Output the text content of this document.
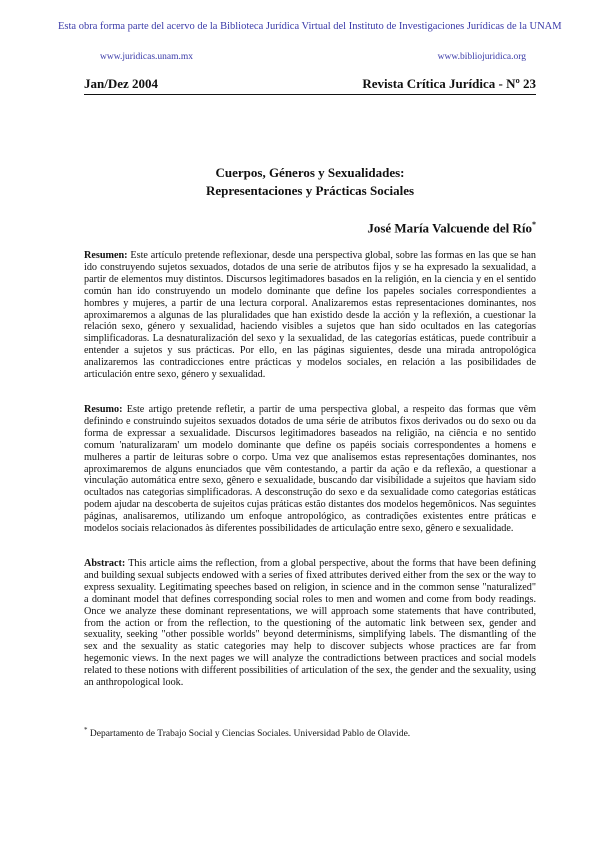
Esta obra forma parte del acervo de la Biblioteca Jurídica Virtual del Instituto de Investigaciones Jurídicas de la UNAM
www.juridicas.unam.mx	www.bibliojuridica.org
Jan/Dez 2004	Revista Crítica Jurídica - Nº 23
Cuerpos, Géneros y Sexualidades:
Representaciones y Prácticas Sociales
José María Valcuende del Río*
Resumen: Este artículo pretende reflexionar, desde una perspectiva global, sobre las formas en las que se han ido construyendo sujetos sexuados, dotados de una serie de atributos fijos y se ha expresado la sexualidad, a partir de elementos muy distintos. Discursos legitimadores basados en la religión, en la ciencia y en el sentido común han ido construyendo un modelo dominante que define los papeles sociales correspondientes a hombres y mujeres, a partir de una lectura corporal. Analizaremos estas representaciones dominantes, nos aproximaremos a algunas de las pluralidades que han existido desde la acción y la reflexión, a cuestionar la relación sexo, género y sexualidad, haciendo visibles a sujetos que han sido ocultados en las categorías simplificadoras. La desnaturalización del sexo y la sexualidad, de las categorías estáticas, puede contribuir a entender a sujetos y sus prácticas. Por ello, en las páginas siguientes, desde una mirada antropológica analizaremos las contradicciones entre prácticas y modelos sociales, en relación a las posibilidades de articulación entre sexo, género y sexualidad.
Resumo: Este artigo pretende refletir, a partir de uma perspectiva global, a respeito das formas que vêm definindo e construindo sujeitos sexuados dotados de uma série de atributos fixos derivados ou do sexo ou da forma de expressar a sexualidade. Discursos legitimadores baseados na religião, na ciência e no sentido comum 'naturalizaram' um modelo dominante que define os papéis sociais correspondentes a homens e mulheres a partir de leituras sobre o corpo. Uma vez que analisemos estas representações dominantes, nos aproximaremos de alguns enunciados que vêm contestando, a partir da ação e da reflexão, a questionar a vinculação automática entre sexo, gênero e sexualidade, buscando dar visibilidade a sujeitos que haviam sido ocultados nas categorias simplificadoras. A desconstrução do sexo e da sexualidade como categorias estáticas podem ajudar na descoberta de sujeitos cujas práticas estão distantes dos modelos hegemônicos. Nas seguintes páginas, analisaremos, utilizando um enfoque antropológico, as contradições existentes entre práticas e modelos sociais relacionados às diferentes possibilidades de articulação entre sexo, gênero e sexualidade.
Abstract: This article aims the reflection, from a global perspective, about the forms that have been defining and building sexual subjects endowed with a series of fixed attributes derived either from the sex or the way to express sexuality. Legitimating speeches based on religion, in science and in the common sense "naturalized" a dominant model that defines corresponding social roles to men and women and come from body readings. Once we analyze these dominant representations, we will approach some statements that have contributed, from the action or from the reflection, to the questioning of the automatic link between sex, gender and sexuality, seeking "other possible worlds" beyond determinisms, simplifying labels. The dismantling of the sex and the sexuality as static categories may help to discover subjects whose practices are far from hegemonic views. In the next pages we will analyze the contradictions between practices and social models related to these notions with different possibilities of articulation of the sex, the gender and the sexuality, using an anthropological look.
* Departamento de Trabajo Social y Ciencias Sociales. Universidad Pablo de Olavide.
